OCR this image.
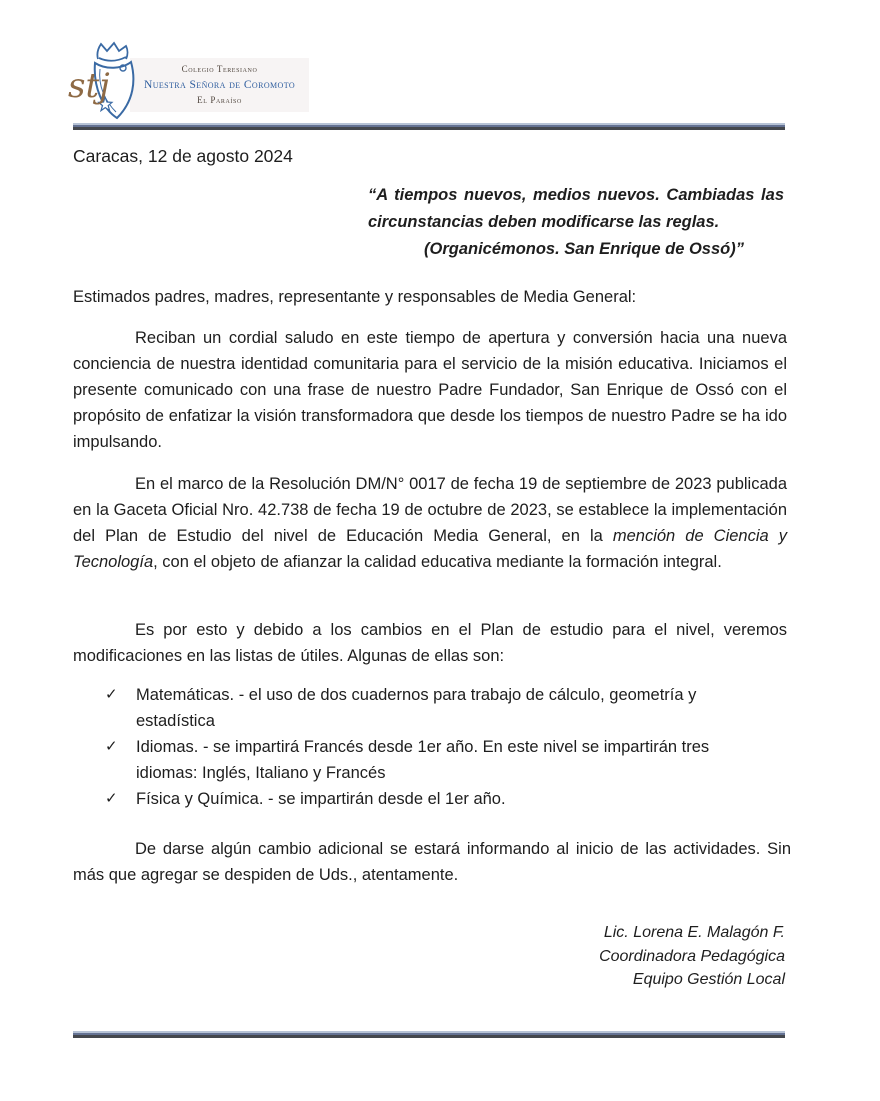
stj	Colegio Teresiano
Nuestra Señora de Coromoto
El Paraíso

Caracas, 12 de agosto 2024

“A tiempos nuevos, medios nuevos. Cambiadas las circunstancias deben modificarse las reglas.

(Organicémonos. San Enrique de Ossó)”

Estimados padres, madres, representante y responsables de Media General:

Reciban un cordial saludo en este tiempo de apertura y conversión hacia una nueva conciencia de nuestra identidad comunitaria para el servicio de la misión educativa. Iniciamos el presente comunicado con una frase de nuestro Padre Fundador, San Enrique de Ossó con el propósito de enfatizar la visión transformadora que desde los tiempos de nuestro Padre se ha ido impulsando.

En el marco de la Resolución DM/N° 0017 de fecha 19 de septiembre de 2023 publicada en la Gaceta Oficial Nro. 42.738 de fecha 19 de octubre de 2023, se establece la implementación del Plan de Estudio del nivel de Educación Media General, en la mención de Ciencia y Tecnología, con el objeto de afianzar la calidad educativa mediante la formación integral.

Es por esto y debido a los cambios en el Plan de estudio para el nivel, veremos modificaciones en las listas de útiles. Algunas de ellas son:

✓ Matemáticas. - el uso de dos cuadernos para trabajo de cálculo, geometría y estadística
✓ Idiomas. - se impartirá Francés desde 1er año. En este nivel se impartirán tres idiomas: Inglés, Italiano y Francés
✓ Física y Química. - se impartirán desde el 1er año.

De darse algún cambio adicional se estará informando al inicio de las actividades. Sin más que agregar se despiden de Uds., atentamente.

Lic. Lorena E. Malagón F.
Coordinadora Pedagógica
Equipo Gestión Local
